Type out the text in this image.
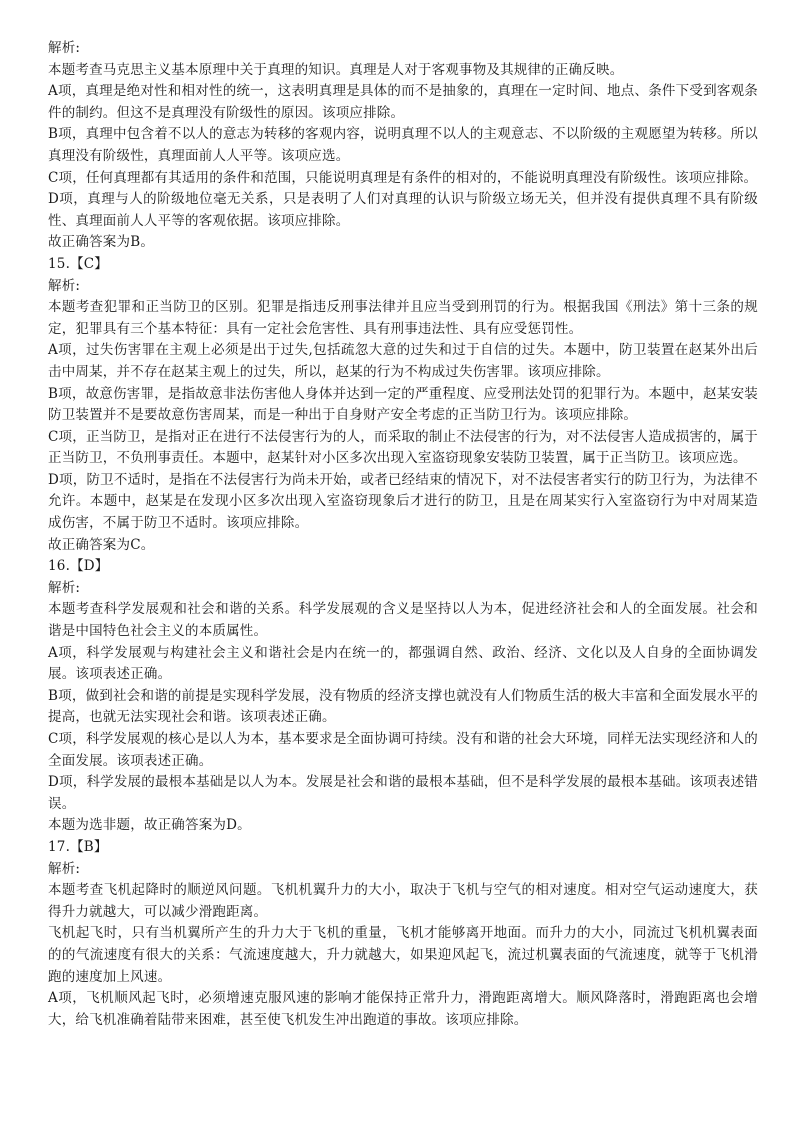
解析:

本题考查马克思主义基本原理中关于真理的知识。真理是人对于客观事物及其规律的正确反映。

A项，真理是绝对性和相对性的统一，这表明真理是具体的而不是抽象的，真理在一定时间、地点、条件下受到客观条件的制约。但这不是真理没有阶级性的原因。该项应排除。

B项，真理中包含着不以人的意志为转移的客观内容，说明真理不以人的主观意志、不以阶级的主观愿望为转移。所以真理没有阶级性，真理面前人人平等。该项应选。

C项，任何真理都有其适用的条件和范围，只能说明真理是有条件的相对的，不能说明真理没有阶级性。该项应排除。

D项，真理与人的阶级地位毫无关系，只是表明了人们对真理的认识与阶级立场无关，但并没有提供真理不具有阶级性、真理面前人人平等的客观依据。该项应排除。

故正确答案为B。

15.【C】

解析:

本题考查犯罪和正当防卫的区别。犯罪是指违反刑事法律并且应当受到刑罚的行为。根据我国《刑法》第十三条的规定，犯罪具有三个基本特征：具有一定社会危害性、具有刑事违法性、具有应受惩罚性。

A项，过失伤害罪在主观上必须是出于过失,包括疏忽大意的过失和过于自信的过失。本题中，防卫装置在赵某外出后击中周某，并不存在赵某主观上的过失，所以，赵某的行为不构成过失伤害罪。该项应排除。

B项，故意伤害罪，是指故意非法伤害他人身体并达到一定的严重程度、应受刑法处罚的犯罪行为。本题中，赵某安装防卫装置并不是要故意伤害周某，而是一种出于自身财产安全考虑的正当防卫行为。该项应排除。

C项，正当防卫，是指对正在进行不法侵害行为的人，而采取的制止不法侵害的行为，对不法侵害人造成损害的，属于正当防卫，不负刑事责任。本题中，赵某针对小区多次出现入室盗窃现象安装防卫装置，属于正当防卫。该项应选。

D项，防卫不适时，是指在不法侵害行为尚未开始，或者已经结束的情况下，对不法侵害者实行的防卫行为，为法律不允许。本题中，赵某是在发现小区多次出现入室盗窃现象后才进行的防卫，且是在周某实行入室盗窃行为中对周某造成伤害，不属于防卫不适时。该项应排除。

故正确答案为C。

16.【D】

解析:

本题考查科学发展观和社会和谐的关系。科学发展观的含义是坚持以人为本，促进经济社会和人的全面发展。社会和谐是中国特色社会主义的本质属性。

A项，科学发展观与构建社会主义和谐社会是内在统一的，都强调自然、政治、经济、文化以及人自身的全面协调发展。该项表述正确。

B项，做到社会和谐的前提是实现科学发展，没有物质的经济支撑也就没有人们物质生活的极大丰富和全面发展水平的提高，也就无法实现社会和谐。该项表述正确。

C项，科学发展观的核心是以人为本，基本要求是全面协调可持续。没有和谐的社会大环境，同样无法实现经济和人的全面发展。该项表述正确。

D项，科学发展的最根本基础是以人为本。发展是社会和谐的最根本基础，但不是科学发展的最根本基础。该项表述错误。

本题为选非题，故正确答案为D。

17.【B】

解析:

本题考查飞机起降时的顺逆风问题。飞机机翼升力的大小，取决于飞机与空气的相对速度。相对空气运动速度大，获得升力就越大，可以减少滑跑距离。

飞机起飞时，只有当机翼所产生的升力大于飞机的重量，飞机才能够离开地面。而升力的大小，同流过飞机机翼表面的的气流速度有很大的关系：气流速度越大，升力就越大，如果迎风起飞，流过机翼表面的气流速度，就等于飞机滑跑的速度加上风速。

A项，飞机顺风起飞时，必须增速克服风速的影响才能保持正常升力，滑跑距离增大。顺风降落时，滑跑距离也会增大，给飞机准确着陆带来困难，甚至使飞机发生冲出跑道的事故。该项应排除。
